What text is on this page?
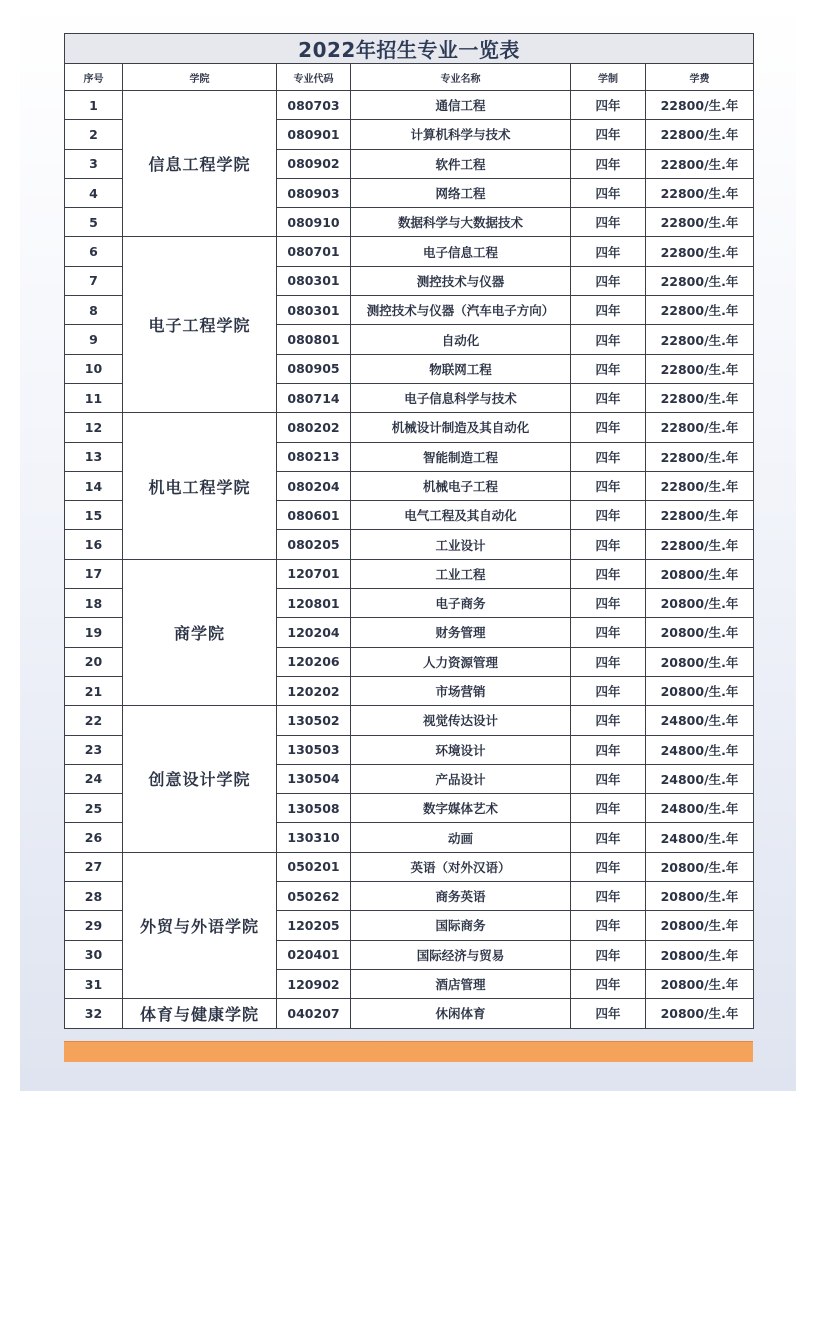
2022年招生专业一览表					
序号	学院	专业代码	专业名称	学制	学费
1	信息工程学院	080703	通信工程	四年	22800/生.年
2		080901	计算机科学与技术	四年	22800/生.年
3		080902	软件工程	四年	22800/生.年
4		080903	网络工程	四年	22800/生.年
5		080910	数据科学与大数据技术	四年	22800/生.年
6	电子工程学院	080701	电子信息工程	四年	22800/生.年
7		080301	测控技术与仪器	四年	22800/生.年
8		080301	测控技术与仪器（汽车电子方向）	四年	22800/生.年
9		080801	自动化	四年	22800/生.年
10		080905	物联网工程	四年	22800/生.年
11		080714	电子信息科学与技术	四年	22800/生.年
12	机电工程学院	080202	机械设计制造及其自动化	四年	22800/生.年
13		080213	智能制造工程	四年	22800/生.年
14		080204	机械电子工程	四年	22800/生.年
15		080601	电气工程及其自动化	四年	22800/生.年
16		080205	工业设计	四年	22800/生.年
17	商学院	120701	工业工程	四年	20800/生.年
18		120801	电子商务	四年	20800/生.年
19		120204	财务管理	四年	20800/生.年
20		120206	人力资源管理	四年	20800/生.年
21		120202	市场营销	四年	20800/生.年
22	创意设计学院	130502	视觉传达设计	四年	24800/生.年
23		130503	环境设计	四年	24800/生.年
24		130504	产品设计	四年	24800/生.年
25		130508	数字媒体艺术	四年	24800/生.年
26		130310	动画	四年	24800/生.年
27	外贸与外语学院	050201	英语（对外汉语）	四年	20800/生.年
28		050262	商务英语	四年	20800/生.年
29		120205	国际商务	四年	20800/生.年
30		020401	国际经济与贸易	四年	20800/生.年
31		120902	酒店管理	四年	20800/生.年
32	体育与健康学院	040207	休闲体育	四年	20800/生.年
